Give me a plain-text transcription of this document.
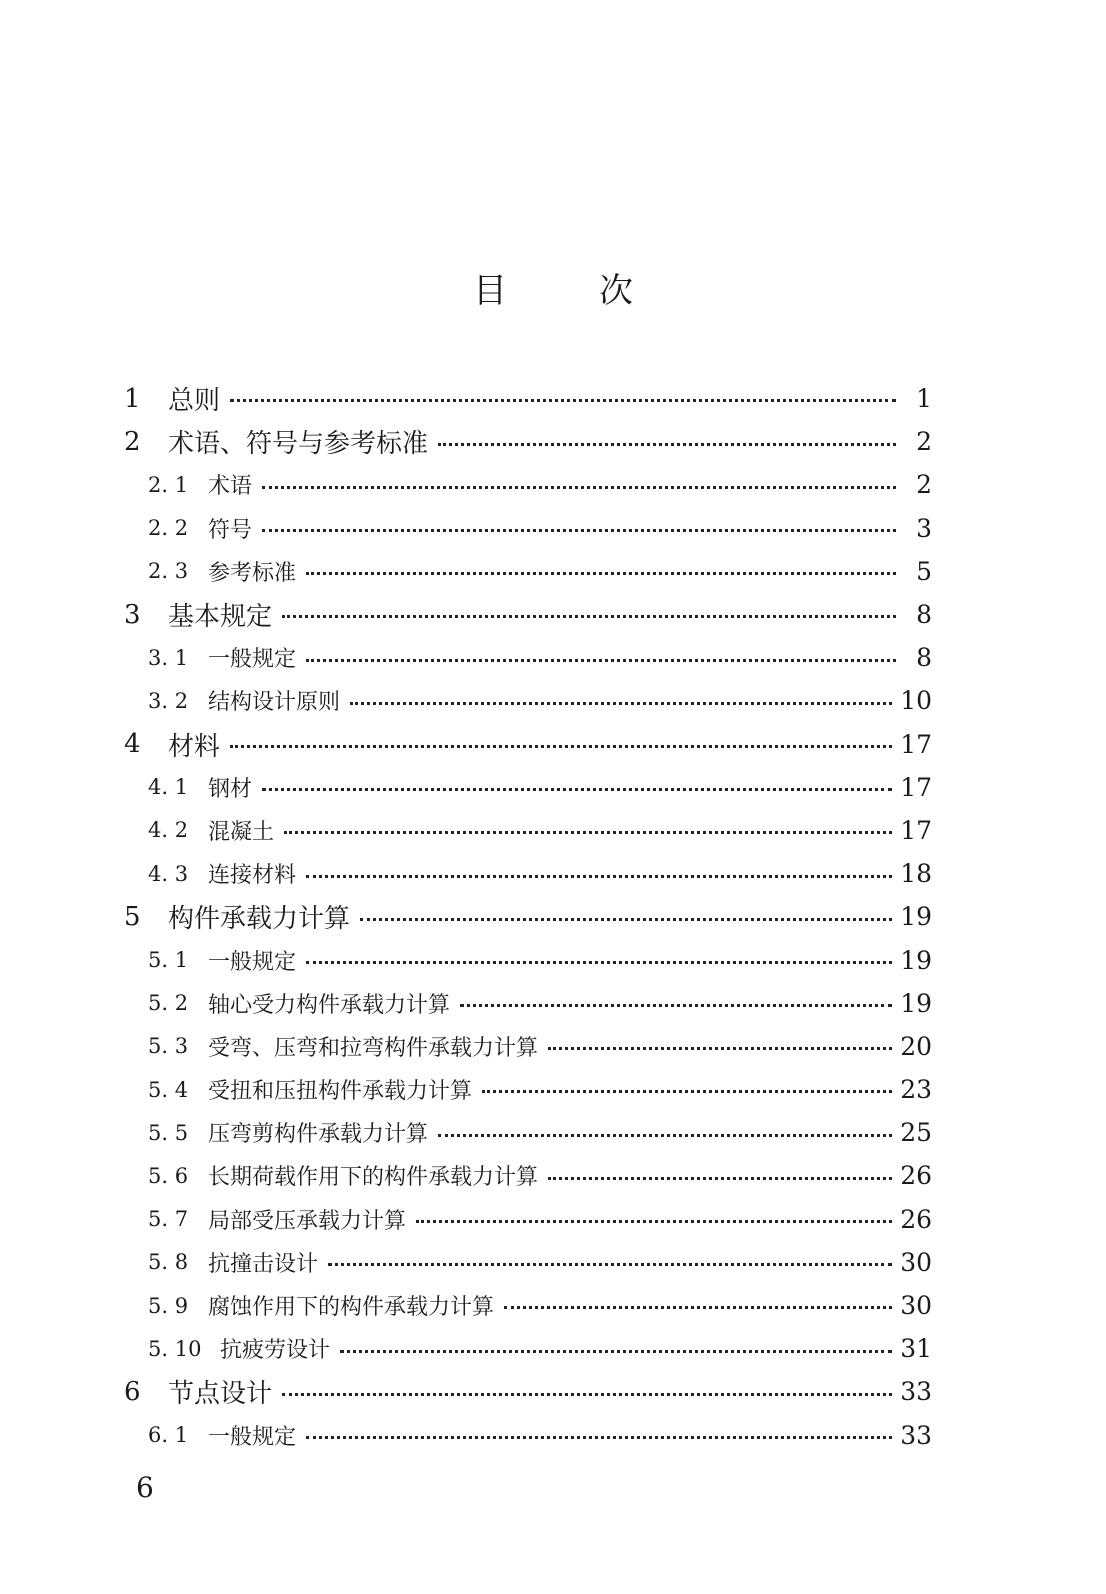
目	次
1	总则	1
2	术语、符号与参考标准	2
2. 1 术语	2
2. 2 符号	3
2. 3 参考标准	5
3	基本规定	8
3. 1 一般规定	8
3. 2 结构设计原则	10
4	材料	17
4. 1 钢材	17
4. 2 混凝土	17
4. 3 连接材料	18
5	构件承载力计算	19
5. 1 一般规定	19
5. 2 轴心受力构件承载力计算	19
5. 3 受弯、压弯和拉弯构件承载力计算	20
5. 4 受扭和压扭构件承载力计算	23
5. 5 压弯剪构件承载力计算	25
5. 6 长期荷载作用下的构件承载力计算	26
5. 7 局部受压承载力计算	26
5. 8 抗撞击设计	30
5. 9 腐蚀作用下的构件承载力计算	30
5. 10 抗疲劳设计	31
6	节点设计	33
6. 1 一般规定	33
6
